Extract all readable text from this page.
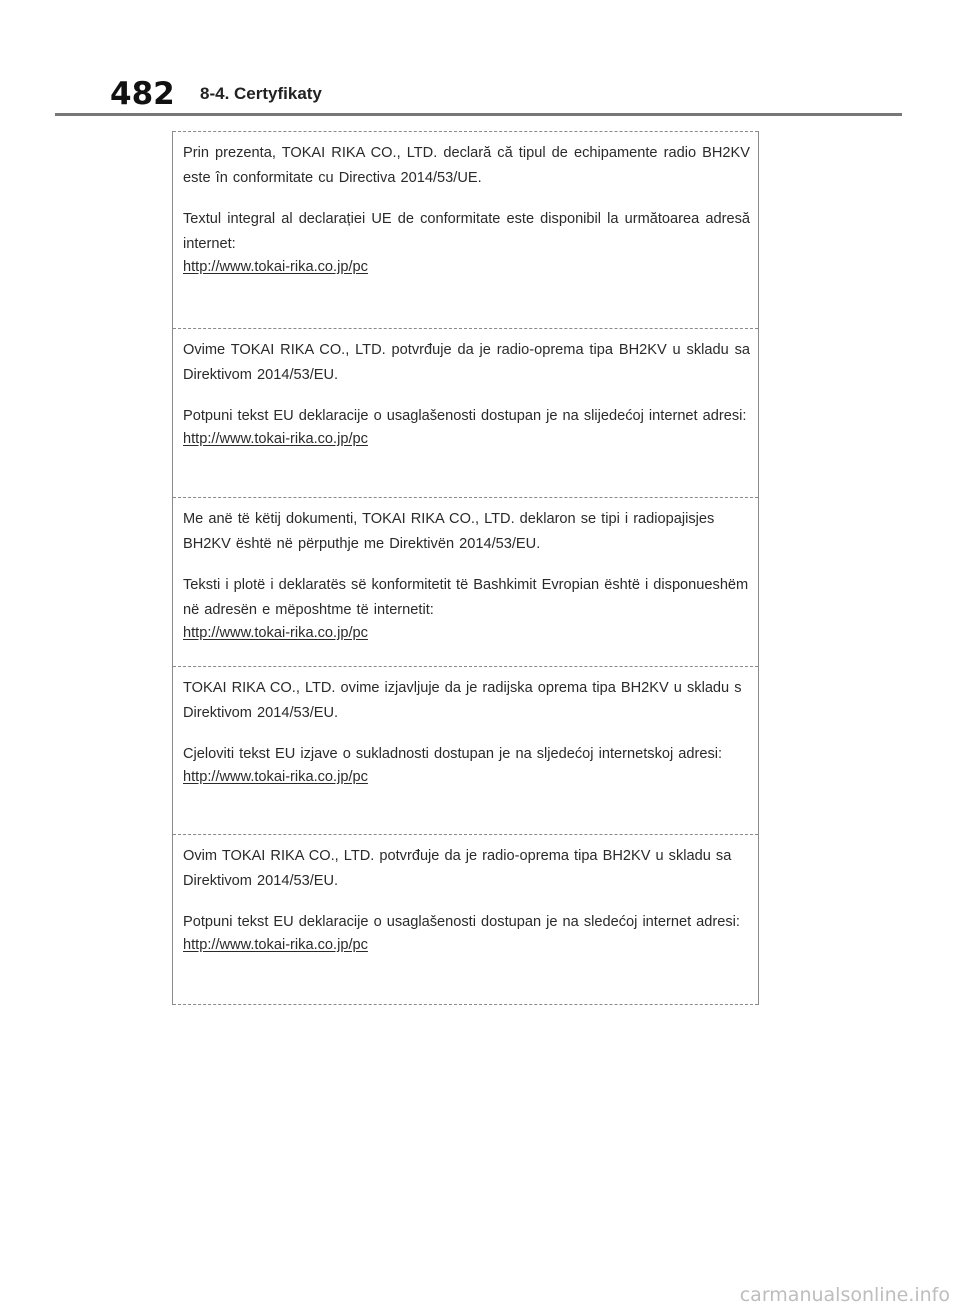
482 8-4. Certyfikaty

Prin prezenta, TOKAI RIKA CO., LTD. declară că tipul de echipamente radio BH2KV este în conformitate cu Directiva 2014/53/UE.

Textul integral al declarației UE de conformitate este disponibil la următoarea adresă internet:

http://www.tokai-rika.co.jp/pc

Ovime TOKAI RIKA CO., LTD. potvrđuje da je radio-oprema tipa BH2KV u skladu sa Direktivom 2014/53/EU.

Potpuni tekst EU deklaracije o usaglašenosti dostupan je na slijedećoj internet adresi:

http://www.tokai-rika.co.jp/pc

Me anë të këtij dokumenti, TOKAI RIKA CO., LTD. deklaron se tipi i radiopajisjes BH2KV është në përputhje me Direktivën 2014/53/EU.

Teksti i plotë i deklaratës së konformitetit të Bashkimit Evropian është i disponueshëm në adresën e mëposhtme të internetit:

http://www.tokai-rika.co.jp/pc

TOKAI RIKA CO., LTD. ovime izjavljuje da je radijska oprema tipa BH2KV u skladu s Direktivom 2014/53/EU.

Cjeloviti tekst EU izjave o sukladnosti dostupan je na sljedećoj internetskoj adresi:

http://www.tokai-rika.co.jp/pc

Ovim TOKAI RIKA CO., LTD. potvrđuje da je radio-oprema tipa BH2KV u skladu sa Direktivom 2014/53/EU.

Potpuni tekst EU deklaracije o usaglašenosti dostupan je na sledećoj internet adresi:

http://www.tokai-rika.co.jp/pc
carmanualsonline.info
